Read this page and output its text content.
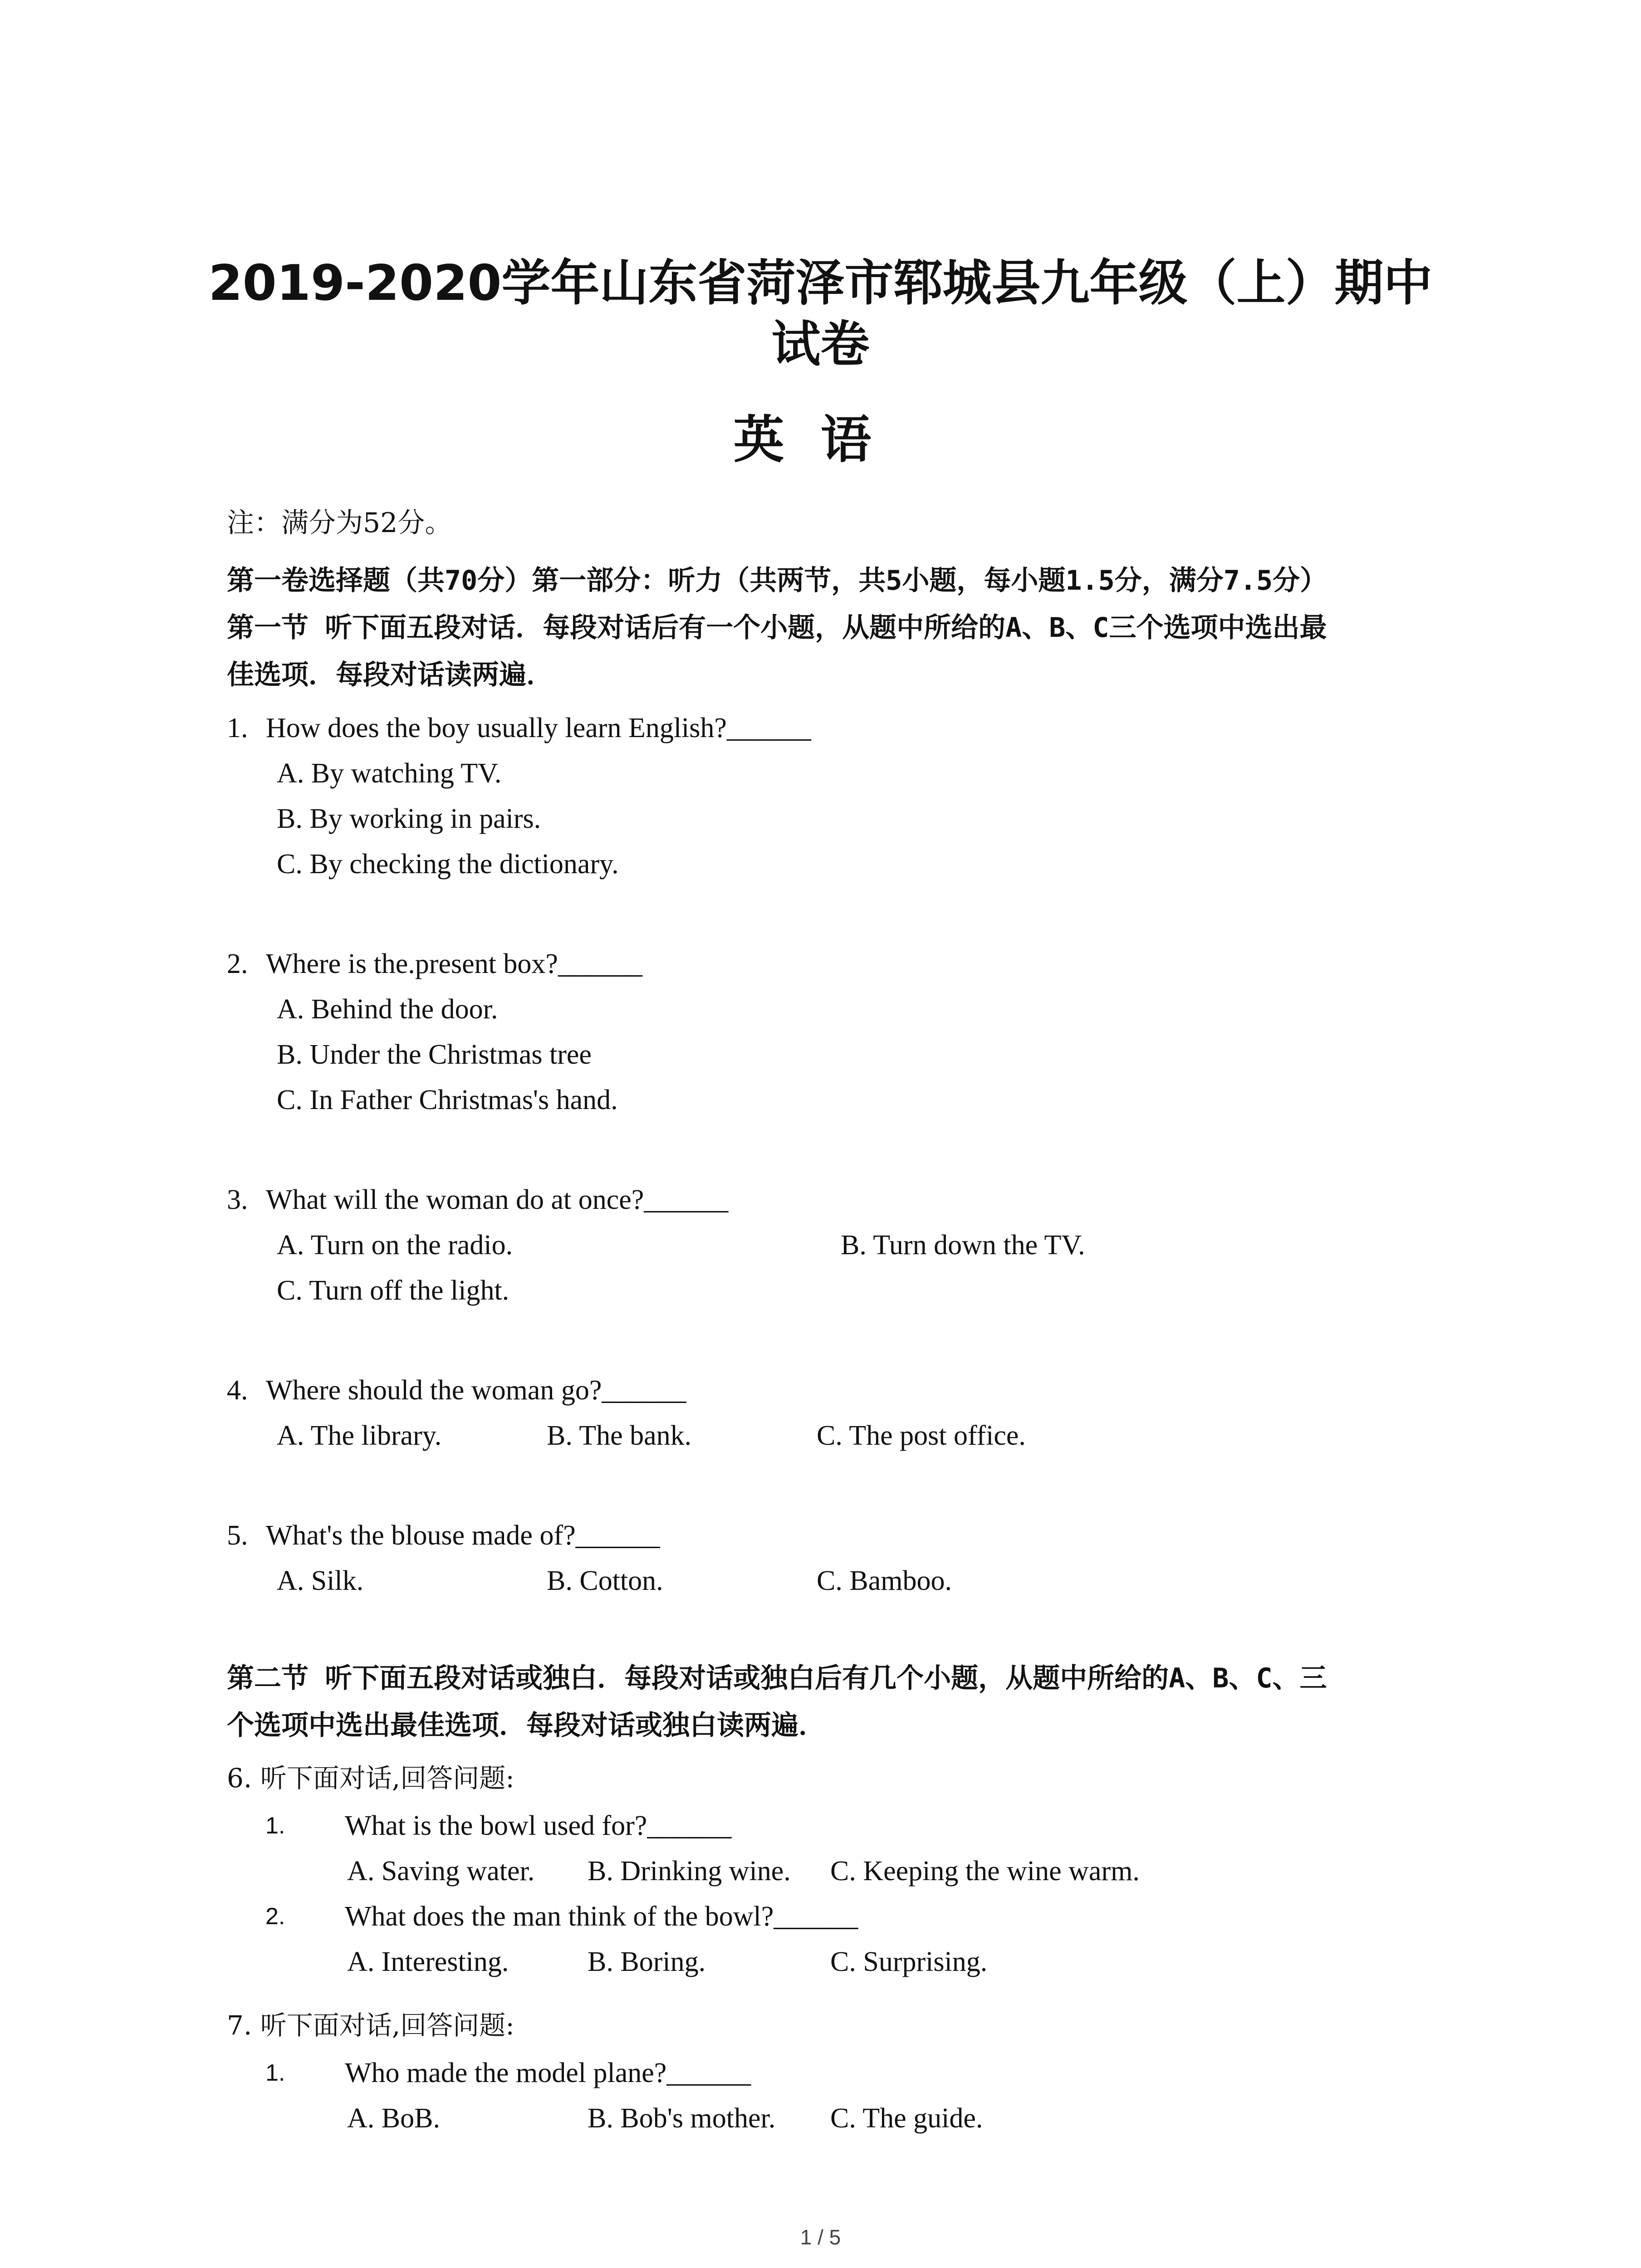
2019-2020学年山东省菏泽市郓城县九年级（上）期中
试卷
英语
注：满分为52分。
第一卷选择题（共70分）第一部分：听力（共两节，共5小题，每小题1.5分，满分7.5分）
第一节 听下面五段对话．每段对话后有一个小题，从题中所给的A、B、C三个选项中选出最
佳选项．每段对话读两遍．
1. How does the boy usually learn English?______
A. By watching TV.
B. By working in pairs.
C. By checking the dictionary.
2. Where is the.present box?______
A. Behind the door.
B. Under the Christmas tree
C. In Father Christmas's hand.
3. What will the woman do at once?______
A. Turn on the radio.	B. Turn down the TV.
C. Turn off the light.
4. Where should the woman go?______
A. The library.	B. The bank.	C. The post office.
5. What's the blouse made of?______
A. Silk.	B. Cotton.	C. Bamboo.
第二节 听下面五段对话或独白．每段对话或独白后有几个小题，从题中所给的A、B、C、三
个选项中选出最佳选项．每段对话或独白读两遍．
6. 听下面对话,回答问题:
1. What is the bowl used for?______
A. Saving water. B. Drinking wine. C. Keeping the wine warm.
2. What does the man think of the bowl?______
A. Interesting.	B. Boring.	C. Surprising.
7. 听下面对话,回答问题:
1. Who made the model plane?______
A. BoB.	B. Bob's mother. C. The guide.
1 / 5
